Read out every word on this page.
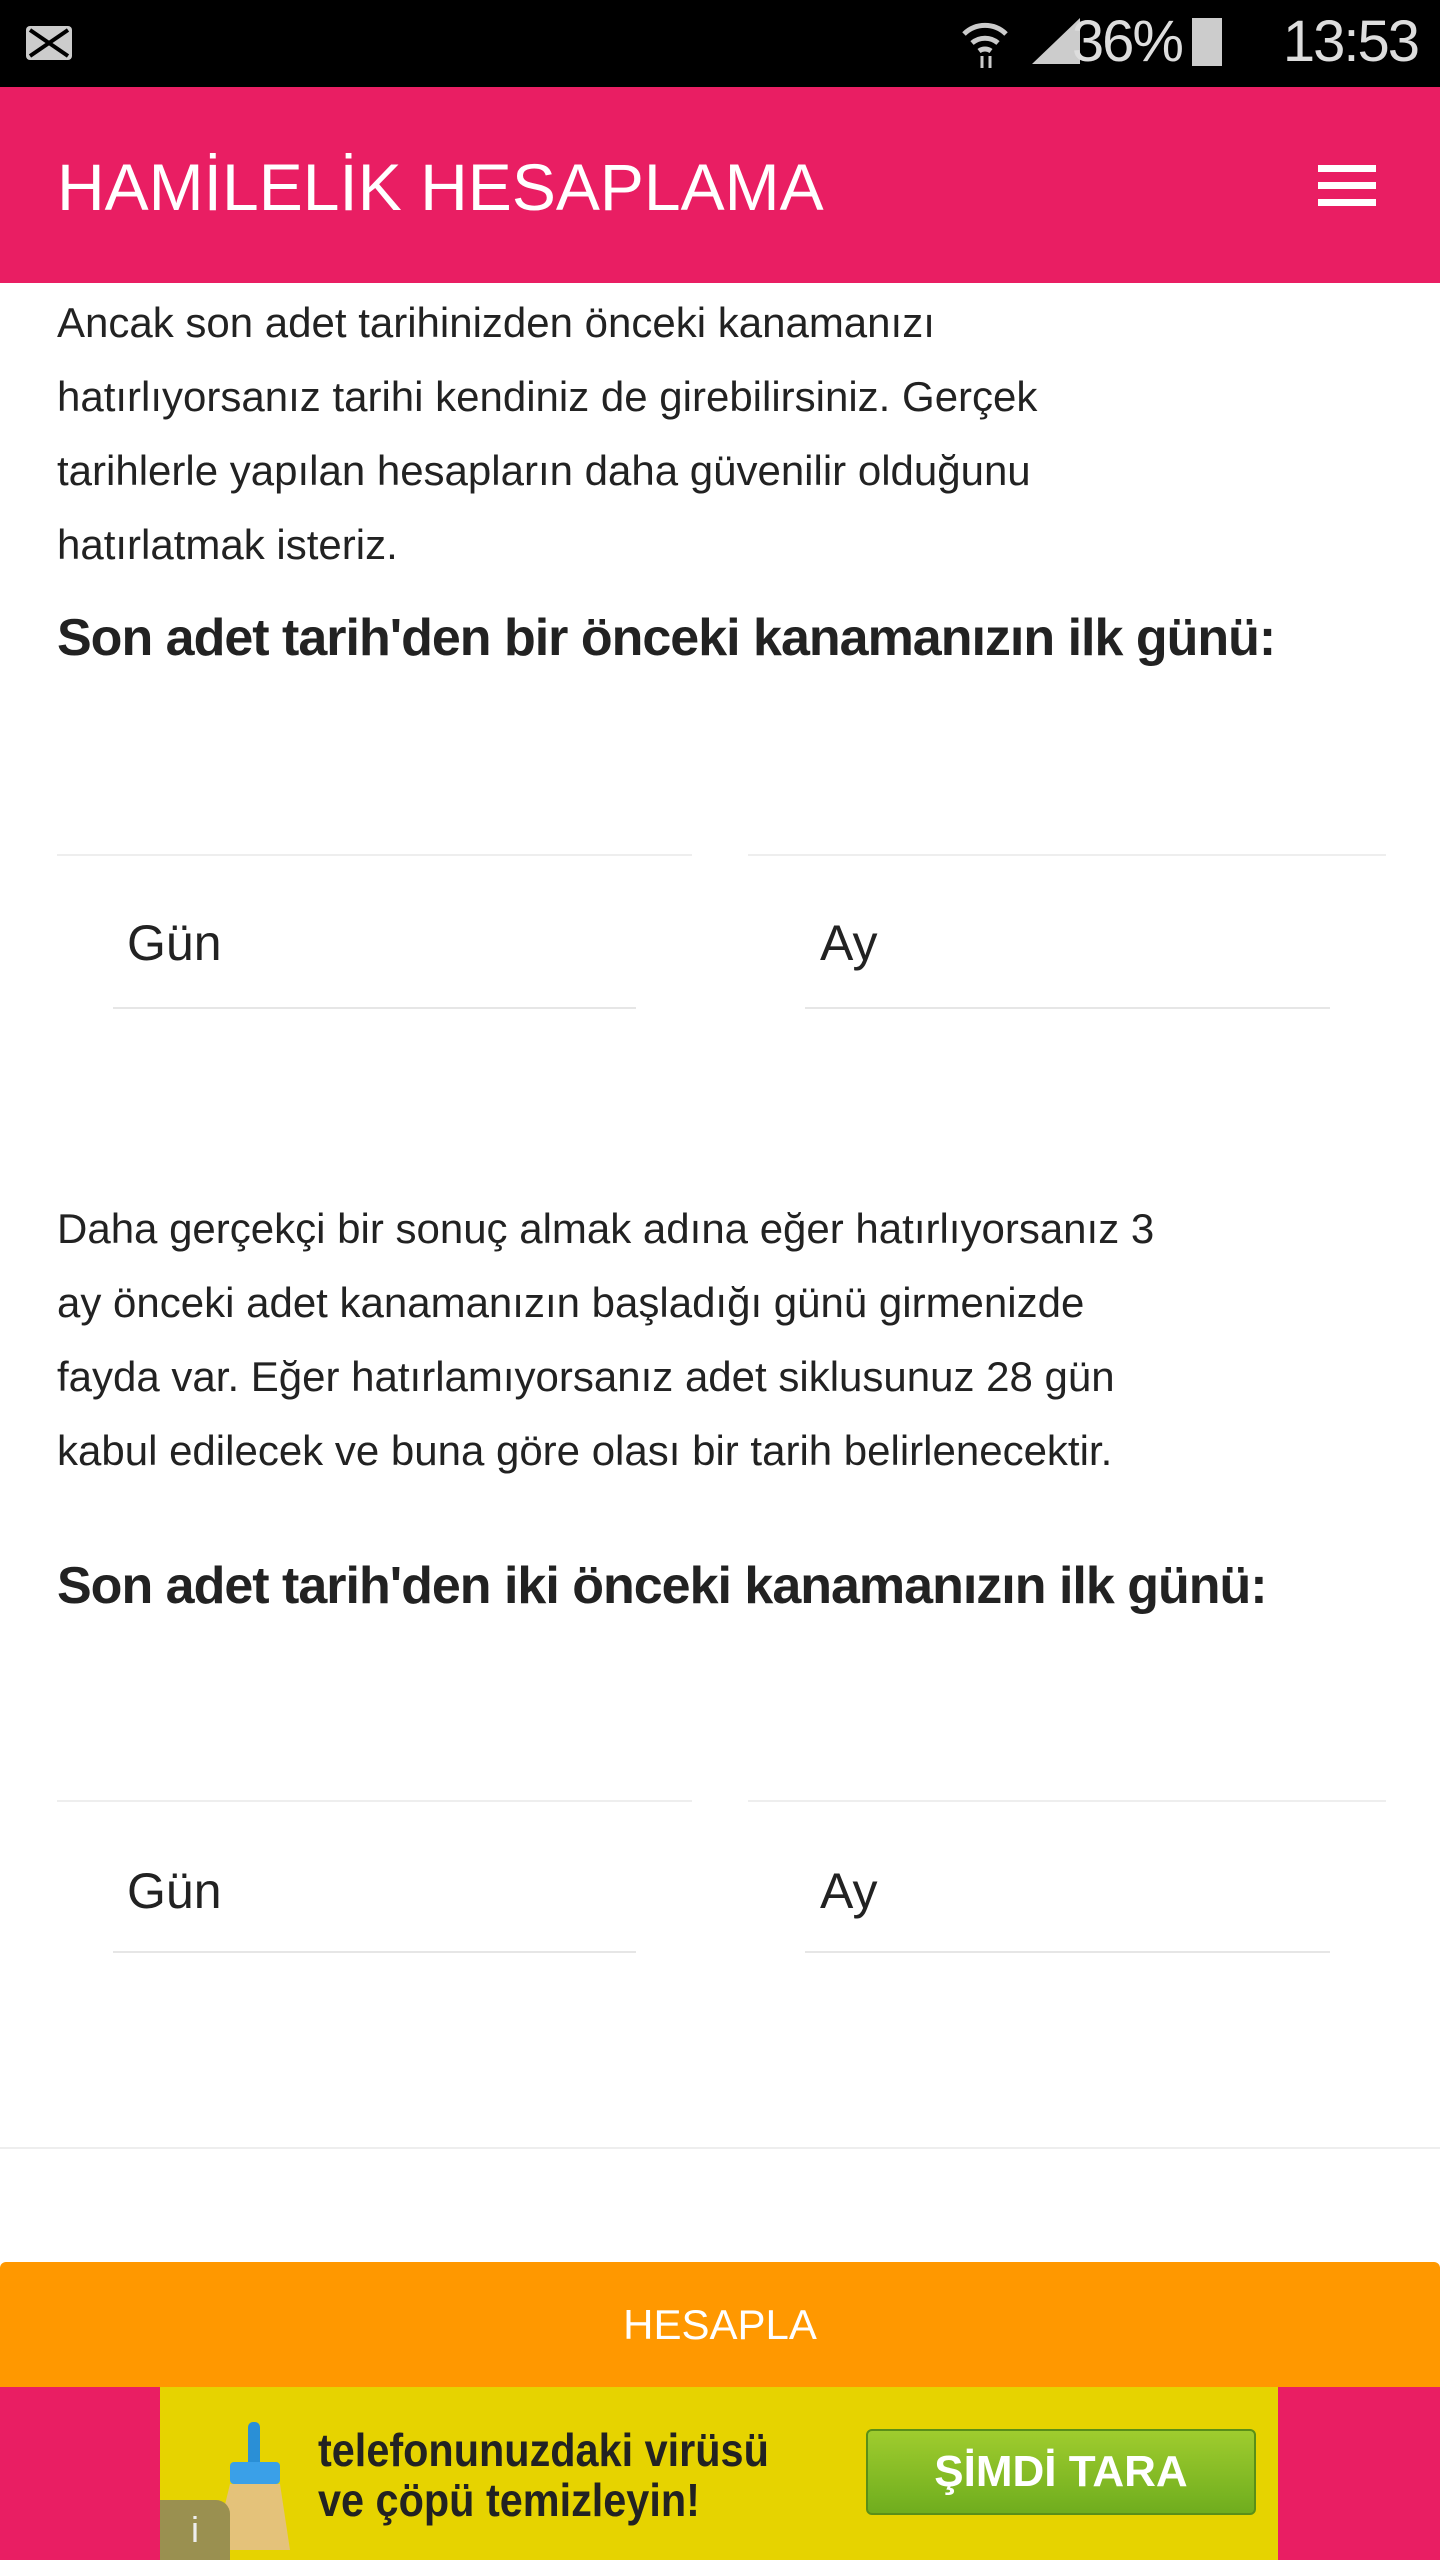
36% 13:53
HAMİLELİK HESAPLAMA
Ancak son adet tarihinizden önceki kanamanızı
hatırlıyorsanız tarihi kendiniz de girebilirsiniz. Gerçek
tarihlerle yapılan hesapların daha güvenilir olduğunu
hatırlatmak isteriz.
Son adet tarih'den bir önceki kanamanızın ilk günü:
Gün	Ay
Daha gerçekçi bir sonuç almak adına eğer hatırlıyorsanız 3
ay önceki adet kanamanızın başladığı günü girmenizde
fayda var. Eğer hatırlamıyorsanız adet siklusunuz 28 gün
kabul edilecek ve buna göre olası bir tarih belirlenecektir.
Son adet tarih'den iki önceki kanamanızın ilk günü:
Gün	Ay
HESAPLA
telefonunuzdaki virüsü
ve çöpü temizleyin!
ŞİMDİ TARA
i
